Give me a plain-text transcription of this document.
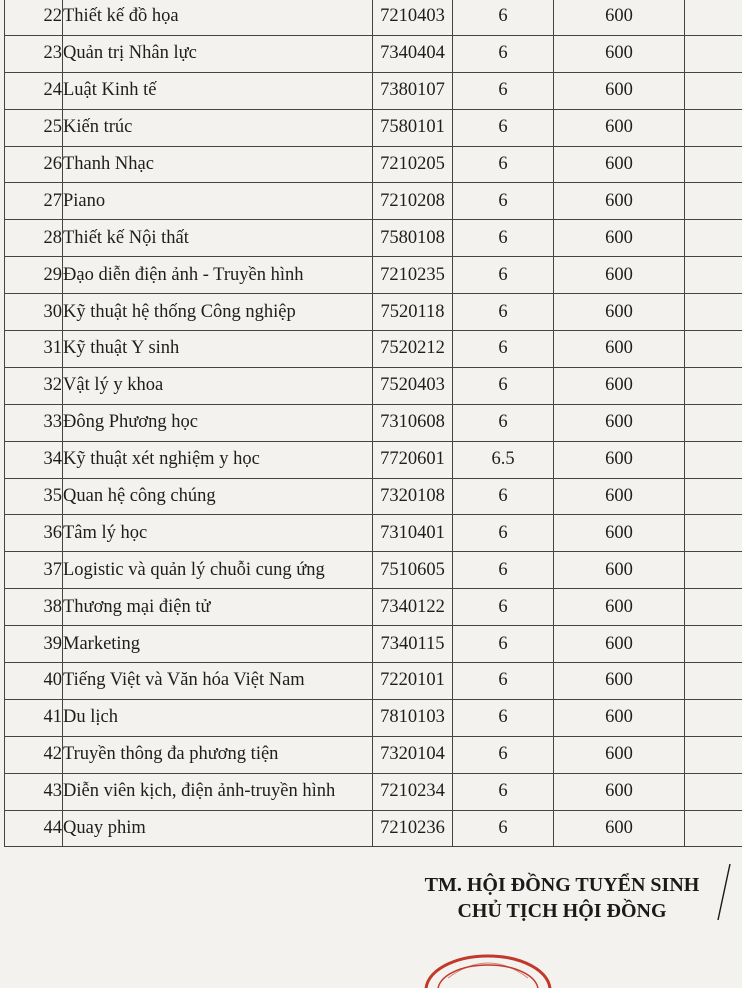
22	Thiết kế đồ họa	7210403	6	600	
23	Quản trị Nhân lực	7340404	6	600	
24	Luật Kinh tế	7380107	6	600	
25	Kiến trúc	7580101	6	600	
26	Thanh Nhạc	7210205	6	600	
27	Piano	7210208	6	600	
28	Thiết kế Nội thất	7580108	6	600	
29	Đạo diễn điện ảnh - Truyền hình	7210235	6	600	
30	Kỹ thuật hệ thống Công nghiệp	7520118	6	600	
31	Kỹ thuật Y sinh	7520212	6	600	
32	Vật lý y khoa	7520403	6	600	
33	Đông Phương học	7310608	6	600	
34	Kỹ thuật xét nghiệm y học	7720601	6.5	600	
35	Quan hệ công chúng	7320108	6	600	
36	Tâm lý học	7310401	6	600	
37	Logistic và quản lý chuỗi cung ứng	7510605	6	600	
38	Thương mại điện tử	7340122	6	600	
39	Marketing	7340115	6	600	
40	Tiếng Việt và Văn hóa Việt Nam	7220101	6	600	
41	Du lịch	7810103	6	600	
42	Truyền thông đa phương tiện	7320104	6	600	
43	Diễn viên kịch, điện ảnh-truyền hình	7210234	6	600	
44	Quay phim	7210236	6	600	
TM. HỘI ĐỒNG TUYỂN SINH
CHỦ TỊCH HỘI ĐỒNG
